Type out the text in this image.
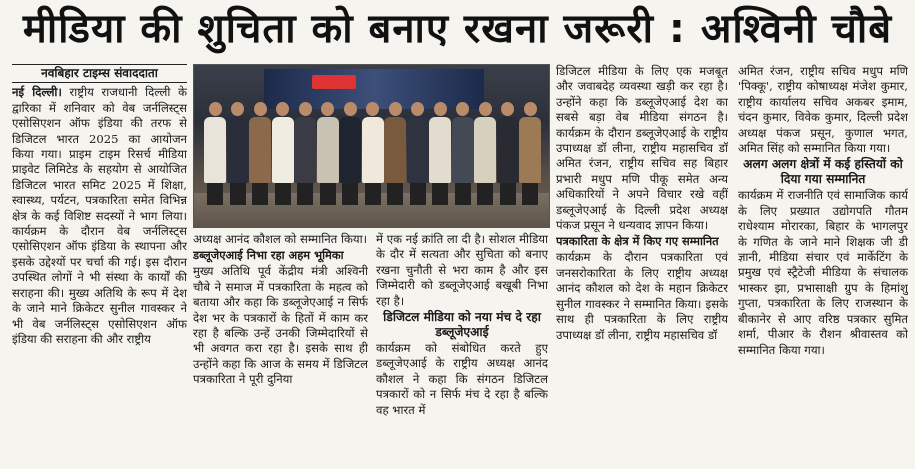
मीडिया की शुचिता को बनाए रखना जरूरी : अश्विनी चौबे
नवबिहार टाइम्स संवाददाता

नई दिल्ली। राष्ट्रीय राजधानी दिल्ली के द्वारिका में शनिवार को वेब जर्नलिस्ट्स एसोसिएशन ऑफ इंडिया की तरफ से डिजिटल भारत 2025 का आयोजन किया गया। प्राइम टाइम रिसर्च मीडिया प्राइवेट लिमिटेड के सहयोग से आयोजित डिजिटल भारत समिट 2025 में शिक्षा, स्वास्थ्य, पर्यटन, पत्रकारिता समेत विभिन्न क्षेत्र के कई विशिष्ट सदस्यों ने भाग लिया। कार्यक्रम के दौरान वेब जर्नलिस्ट्स एसोसिएशन ऑफ इंडिया के स्थापना और इसके उद्देश्यों पर चर्चा की गई। इस दौरान उपस्थित लोगों ने भी संस्था के कार्यों की सराहना की। मुख्य अतिथि के रूप में देश के जाने माने क्रिकेटर सुनील गावस्कर ने भी वेब जर्नलिस्ट्स एसोसिएशन ऑफ इंडिया की सराहना की और राष्ट्रीय

अध्यक्ष आनंद कौशल को सम्मानित किया।

डब्लूजेएआई निभा रहा अहम भूमिका

मुख्य अतिथि पूर्व केंद्रीय मंत्री अश्विनी चौबे ने समाज में पत्रकारिता के महत्व को बताया और कहा कि डब्लूजेएआई न सिर्फ देश भर के पत्रकारों के हितों में काम कर रहा है बल्कि उन्हें उनकी जिम्मेदारियों से भी अवगत करा रहा है। इसके साथ ही उन्होंने कहा कि आज के समय में डिजिटल पत्रकारिता ने पूरी दुनिया

में एक नई क्रांति ला दी है। सोशल मीडिया के दौर में सत्यता और सुचिता को बनाए रखना चुनौती से भरा काम है और इस जिम्मेदारी को डब्लूजेएआई बखूबी निभा रहा है।

डिजिटल मीडिया को नया मंच दे रहा डब्लूजेएआई

कार्यक्रम को संबोधित करते हुए डब्लूजेएआई के राष्ट्रीय अध्यक्ष आनंद कौशल ने कहा कि संगठन डिजिटल पत्रकारों को न सिर्फ मंच दे रहा है बल्कि वह भारत में

डिजिटल मीडिया के लिए एक मजबूत और जवाबदेह व्यवस्था खड़ी कर रहा है। उन्होंने कहा कि डब्लूजेएआई देश का सबसे बड़ा वेब मीडिया संगठन है। कार्यक्रम के दौरान डब्लूजेएआई के राष्ट्रीय उपाध्यक्ष डॉ लीना, राष्ट्रीय महासचिव डॉ अमित रंजन, राष्ट्रीय सचिव सह बिहार प्रभारी मधुप मणि पीकू समेत अन्य अधिकारियों ने अपने विचार रखे वहीं डब्लूजेएआई के दिल्ली प्रदेश अध्यक्ष पंकज प्रसून ने धन्यवाद ज्ञापन किया।

पत्रकारिता के क्षेत्र में किए गए सम्मानित

कार्यक्रम के दौरान पत्रकारिता एवं जनसरोकारिता के लिए राष्ट्रीय अध्यक्ष आनंद कौशल को देश के महान क्रिकेटर सुनील गावस्कर ने सम्मानित किया। इसके साथ ही पत्रकारिता के लिए राष्ट्रीय उपाध्यक्ष डॉ लीना, राष्ट्रीय महासचिव डॉ

अमित रंजन, राष्ट्रीय सचिव मधुप मणि 'पिक्कू', राष्ट्रीय कोषाध्यक्ष मंजेश कुमार, राष्ट्रीय कार्यालय सचिव अकबर इमाम, चंदन कुमार, विवेक कुमार, दिल्ली प्रदेश अध्यक्ष पंकज प्रसून, कुणाल भगत, अमित सिंह को सम्मानित किया गया।

अलग अलग क्षेत्रों में कई हस्तियों को दिया गया सम्मानित

कार्यक्रम में राजनीति एवं सामाजिक कार्य के लिए प्रख्यात उद्योगपति गौतम राधेश्याम मोरारका, बिहार के भागलपुर के गणित के जाने माने शिक्षक जी डी ज्ञानी, मीडिया संचार एवं मार्केटिंग के प्रमुख एवं स्ट्रैटेजी मीडिया के संचालक भास्कर झा, प्रभासाक्षी ग्रुप के हिमांशु गुप्ता, पत्रकारिता के लिए राजस्थान के बीकानेर से आए वरिष्ठ पत्रकार सुमित शर्मा, पीआर के रौशन श्रीवास्तव को सम्मानित किया गया।
